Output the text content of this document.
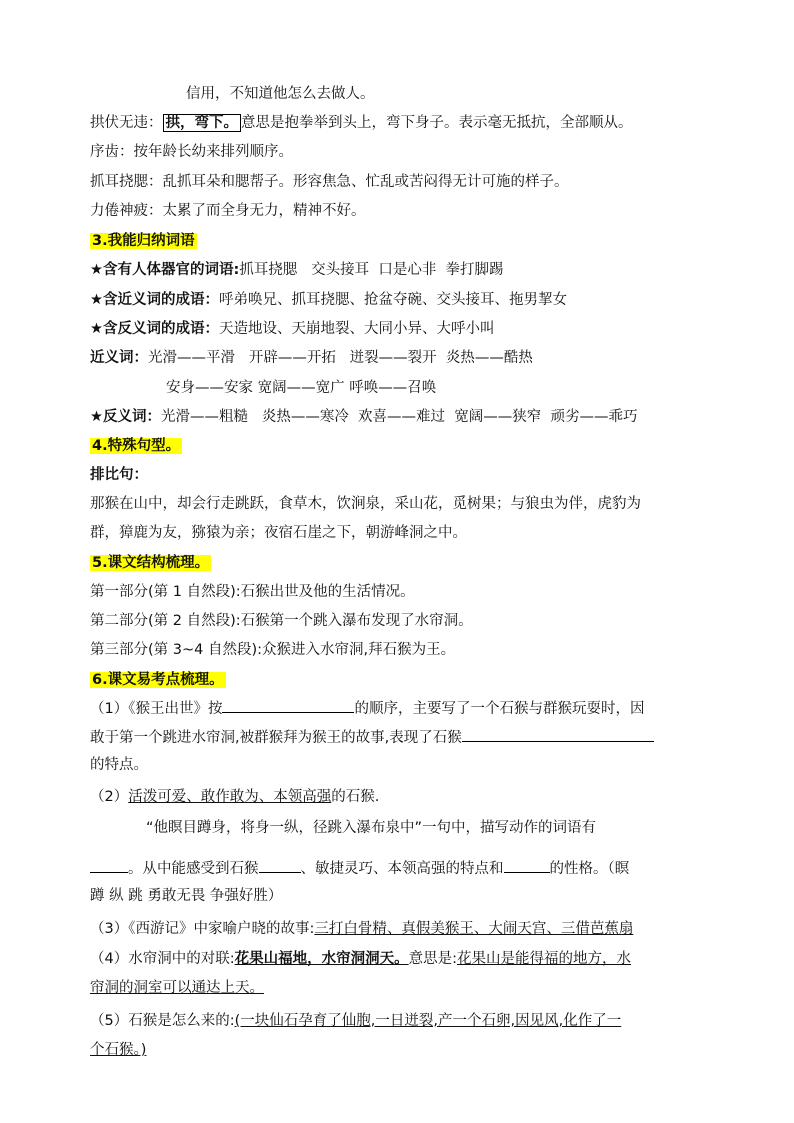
信用，不知道他怎么去做人。
拱伏无违： 拱，弯下。 意思是抱拳举到头上，弯下身子。表示毫无抵抗，全部顺从。
序齿：按年龄长幼来排列顺序。
抓耳挠腮：乱抓耳朵和腮帮子。形容焦急、忙乱或苦闷得无计可施的样子。
力倦神疲：太累了而全身无力，精神不好。
3.我能归纳词语
★含有人体器官的词语:抓耳挠腮   交头接耳  口是心非  拳打脚踢
★含近义词的成语：呼弟唤兄、抓耳挠腮、抢盆夺碗、交头接耳、拖男挈女
★含反义词的成语：天造地设、天崩地裂、大同小异、大呼小叫
近义词：光滑——平滑   开辟——开拓   迸裂——裂开  炎热——酷热
安身——安家 宽阔——宽广 呼唤——召唤
★反义词：光滑——粗糙   炎热——寒冷  欢喜——难过  宽阔——狭窄  顽劣——乖巧
4.特殊句型。
排比句：
那猴在山中，却会行走跳跃，食草木，饮涧泉，采山花，觅树果；与狼虫为伴，虎豹为
群，獐鹿为友，猕猿为亲；夜宿石崖之下，朝游峰洞之中。
5.课文结构梳理。
第一部分(第 1 自然段):石猴出世及他的生活情况。
第二部分(第 2 自然段):石猴第一个跳入瀑布发现了水帘洞。
第三部分(第 3~4 自然段):众猴进入水帘洞,拜石猴为王。
6.课文易考点梳理。
（1）《猴王出世》按	的顺序，主要写了一个石猴与群猴玩耍时，因
敢于第一个跳进水帘洞,被群猴拜为猴王的故事,表现了石猴
的特点。
（2）活泼可爱、敢作敢为、本领高强的石猴.
“他瞑目蹲身，将身一纵，径跳入瀑布泉中”一句中，描写动作的词语有
。从中能感受到石猴	、敏捷灵巧、本领高强的特点和	的性格。（瞑
蹲 纵 跳 勇敢无畏 争强好胜）
（3）《西游记》中家喻户晓的故事:三打白骨精、真假美猴王、大闹天宫、三借芭蕉扇
（4）水帘洞中的对联:花果山福地，水帘洞洞天。意思是:花果山是能得福的地方，水
帘洞的洞室可以通达上天。
（5）石猴是怎么来的:(一块仙石孕育了仙胞,一日迸裂,产一个石卵,因见风,化作了一
个石猴。)
